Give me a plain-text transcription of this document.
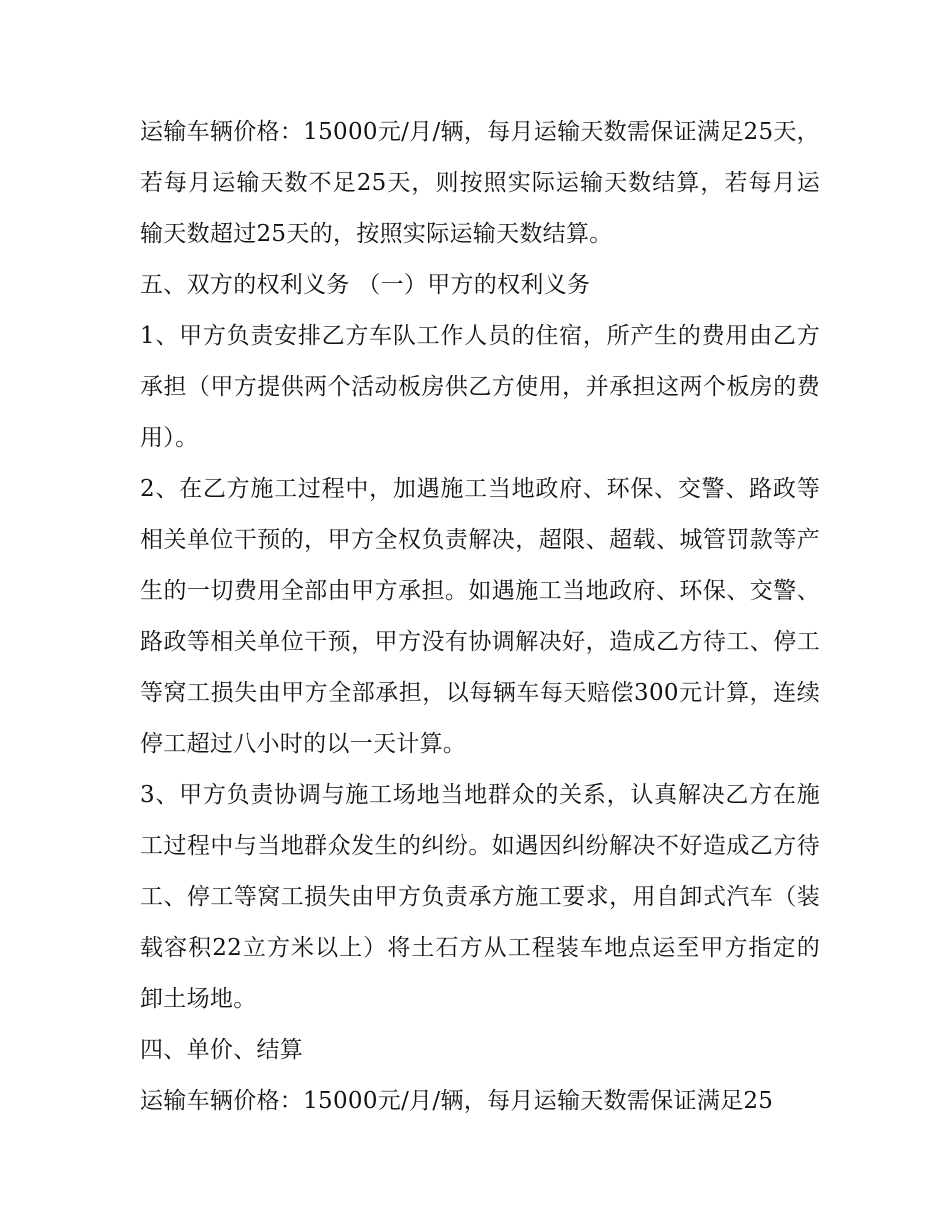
运输车辆价格：15000元/月/辆，每月运输天数需保证满足25天，若每月运输天数不足25天，则按照实际运输天数结算，若每月运输天数超过25天的，按照实际运输天数结算。

五、双方的权利义务 （一）甲方的权利义务

1、甲方负责安排乙方车队工作人员的住宿，所产生的费用由乙方承担（甲方提供两个活动板房供乙方使用，并承担这两个板房的费用）。

2、在乙方施工过程中，加遇施工当地政府、环保、交警、路政等相关单位干预的，甲方全权负责解决，超限、超载、城管罚款等产生的一切费用全部由甲方承担。如遇施工当地政府、环保、交警、路政等相关单位干预，甲方没有协调解决好，造成乙方待工、停工等窝工损失由甲方全部承担，以每辆车每天赔偿300元计算，连续停工超过八小时的以一天计算。

3、甲方负责协调与施工场地当地群众的关系，认真解决乙方在施工过程中与当地群众发生的纠纷。如遇因纠纷解决不好造成乙方待工、停工等窝工损失由甲方负责承方施工要求，用自卸式汽车（装载容积22立方米以上）将土石方从工程装车地点运至甲方指定的卸土场地。

四、单价、结算

运输车辆价格：15000元/月/辆，每月运输天数需保证满足25
